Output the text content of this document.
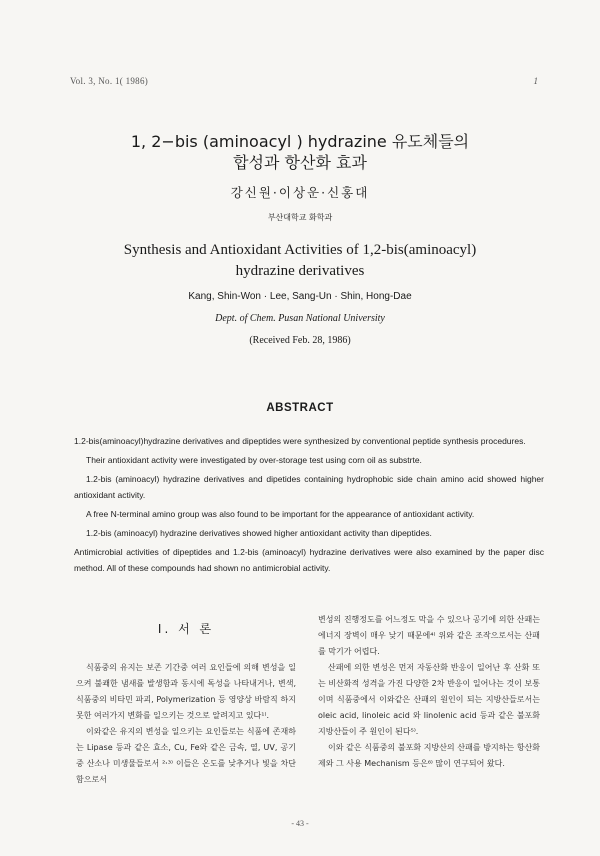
Vol. 3, No. 1( 1986)	1
1, 2−bis (aminoacyl ) hydrazine 유도체들의
합성과 항산화 효과
강신원·이상운·신홍대
부산대학교 화학과
Synthesis and Antioxidant Activities of 1,2-bis(aminoacyl)
hydrazine derivatives
Kang, Shin-Won · Lee, Sang-Un · Shin, Hong-Dae
Dept. of Chem. Pusan National University
(Received Feb. 28, 1986)
ABSTRACT

1.2-bis(aminoacyl)hydrazine derivatives and dipeptides were synthesized by conventional peptide synthesis procedures.

Their antioxidant activity were investigated by over-storage test using corn oil as substrte.

1.2-bis (aminoacyl) hydrazine derivatives and dipetides containing hydrophobic side chain amino acid showed higher antioxidant activity.

A free N-terminal amino group was also found to be important for the appearance of antioxidant activity.

1.2-bis (aminoacyl) hydrazine derivatives showed higher antioxidant activity than dipeptides.

Antimicrobial activities of dipeptides and 1.2-bis (aminoacyl) hydrazine derivatives were also examined by the paper disc method. All of these compounds had shown no antimicrobial activity.

I. 서 론

식품중의 유지는 보존 기간중 여러 요인들에 의해 변성을 일으켜 불쾌한 냄새를 발생함과 동시에 독성을 나타내거나, 변색, 식품중의 비타민 파괴, Polymerization 등 영양상 바람직 하지 못한 여러가지 변화를 일으키는 것으로 알려지고 있다¹⁾.

이와같은 유지의 변성을 일으키는 요인들로는 식품에 존재하는 Lipase 등과 같은 효소, Cu, Fe와 같은 금속, 열, UV, 공기중 산소나 미생물들로서 ²˒³⁾ 이들은 온도를 낮추거나 빛을 차단함으로서

변성의 진행정도를 어느정도 막을 수 있으나 공기에 의한 산패는 에너지 장벽이 매우 낮기 때문에⁴⁾ 위와 같은 조작으로서는 산패를 막기가 어렵다.

산패에 의한 변성은 먼저 자동산화 반응이 일어난 후 산화 또는 비산화적 성격을 가진 다양한 2차 반응이 일어나는 것이 보통이며 식품중에서 이와같은 산패의 원인이 되는 지방산들로서는 oleic acid, linoleic acid 와 linolenic acid 등과 같은 불포화 지방산들이 주 원인이 된다⁵⁾.

이와 같은 식품중의 불포화 지방산의 산패를 방지하는 항산화제와 그 사용 Mechanism 등은⁶⁾ 많이 연구되어 왔다.

- 43 -
